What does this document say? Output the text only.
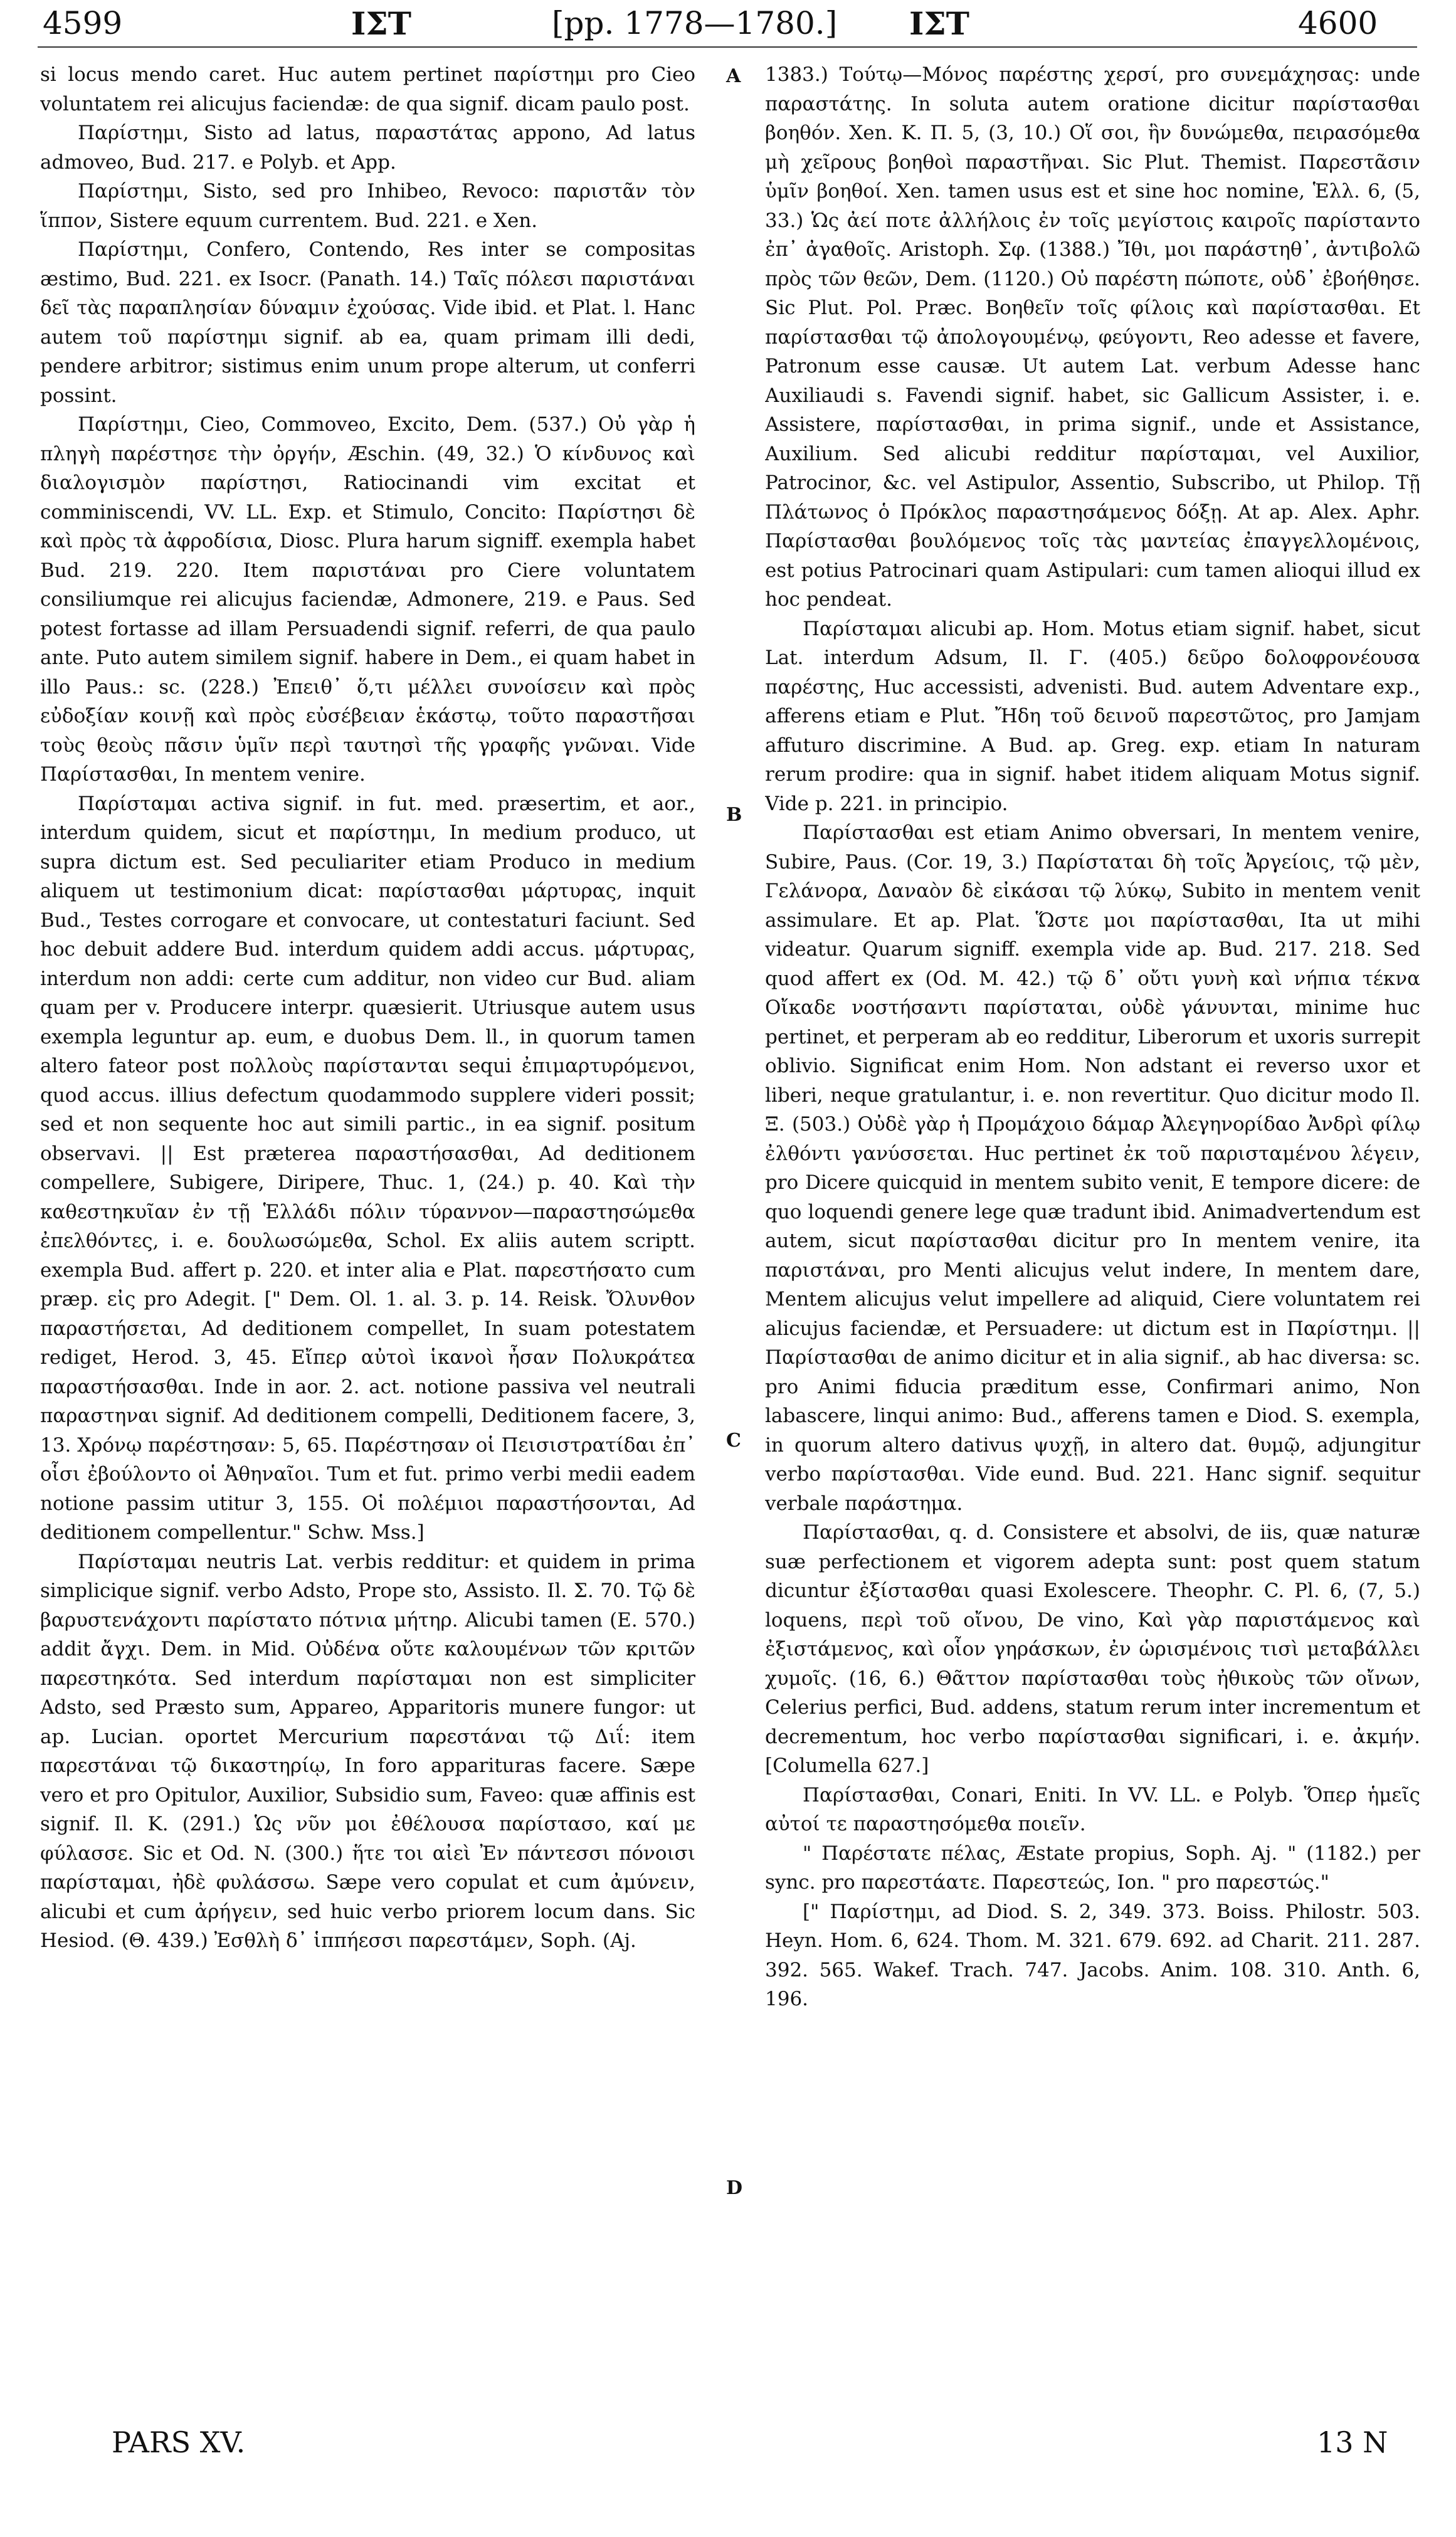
4599	ΙΣΤ	[pp. 1778—1780.] ΙΣΤ	4600

si locus mendo caret. Huc autem pertinet παρίστημι pro Cieo voluntatem rei alicujus faciendæ: de qua signif. dicam paulo post.

Παρίστημι, Sisto ad latus, παραστάτας appono, Ad latus admoveo, Bud. 217. e Polyb. et App.

Παρίστημι, Sisto, sed pro Inhibeo, Revoco: παριστᾶν τὸν ἵππον, Sistere equum currentem. Bud. 221. e Xen.

Παρίστημι, Confero, Contendo, Res inter se compositas æstimo, Bud. 221. ex Isocr. (Panath. 14.) Ταῖς πόλεσι παριστάναι δεῖ τὰς παραπλησίαν δύναμιν ἐχούσας. Vide ibid. et Plat. l. Hanc autem τοῦ παρίστημι signif. ab ea, quam primam illi dedi, pendere arbitror; sistimus enim unum prope alterum, ut conferri possint.

Παρίστημι, Cieo, Commoveo, Excito, Dem. (537.) Οὐ γὰρ ἡ πληγὴ παρέστησε τὴν ὀργήν, Æschin. (49, 32.) Ὁ κίνδυνος καὶ διαλογισμὸν παρίστησι, Ratiocinandi vim excitat et comminiscendi, VV. LL. Exp. et Stimulo, Concito: Παρίστησι δὲ καὶ πρὸς τὰ ἀφροδίσια, Diosc. Plura harum signiff. exempla habet Bud. 219. 220. Item παριστάναι pro Ciere voluntatem consiliumque rei alicujus faciendæ, Admonere, 219. e Paus. Sed potest fortasse ad illam Persuadendi signif. referri, de qua paulo ante. Puto autem similem signif. habere in Dem., ei quam habet in illo Paus.: sc. (228.) Ἐπειθ᾽ ὅ,τι μέλλει συνοίσειν καὶ πρὸς εὐδοξίαν κοινῇ καὶ πρὸς εὐσέβειαν ἑκάστῳ, τοῦτο παραστῆσαι τοὺς θεοὺς πᾶσιν ὑμῖν περὶ ταυτησὶ τῆς γραφῆς γνῶναι. Vide Παρίστασθαι, In mentem venire.

Παρίσταμαι activa signif. in fut. med. præsertim, et aor., interdum quidem, sicut et παρίστημι, In medium produco, ut supra dictum est. Sed peculiariter etiam Produco in medium aliquem ut testimonium dicat: παρίστασθαι μάρτυρας, inquit Bud., Testes corrogare et convocare, ut contestaturi faciunt. Sed hoc debuit addere Bud. interdum quidem addi accus. μάρτυρας, interdum non addi: certe cum additur, non video cur Bud. aliam quam per v. Producere interpr. quæsierit. Utriusque autem usus exempla leguntur ap. eum, e duobus Dem. ll., in quorum tamen altero fateor post πολλοὺς παρίστανται sequi ἐπιμαρτυρόμενοι, quod accus. illius defectum quodammodo supplere videri possit; sed et non sequente hoc aut simili partic., in ea signif. positum observavi. || Est præterea παραστήσασθαι, Ad deditionem compellere, Subigere, Diripere, Thuc. 1, (24.) p. 40. Καὶ τὴν καθεστηκυῖαν ἐν τῇ Ἑλλάδι πόλιν τύραννον—παραστησώμεθα ἐπελθόντες, i. e. δουλωσώμεθα, Schol. Ex aliis autem scriptt. exempla Bud. affert p. 220. et inter alia e Plat. παρεστήσατο cum præp. εἰς pro Adegit. [" Dem. Ol. 1. al. 3. p. 14. Reisk. Ὄλυνθον παραστήσεται, Ad deditionem compellet, In suam potestatem rediget, Herod. 3, 45. Εἴπερ αὐτοὶ ἱκανοὶ ἦσαν Πολυκράτεα παραστήσασθαι. Inde in aor. 2. act. notione passiva vel neutrali παραστηναι signif. Ad deditionem compelli, Deditionem facere, 3, 13. Χρόνῳ παρέστησαν: 5, 65. Παρέστησαν οἱ Πεισιστρατίδαι ἐπ᾽ οἷσι ἐβούλοντο οἱ Ἀθηναῖοι. Tum et fut. primo verbi medii eadem notione passim utitur 3, 155. Οἱ πολέμιοι παραστήσονται, Ad deditionem compellentur." Schw. Mss.]

Παρίσταμαι neutris Lat. verbis redditur: et quidem in prima simplicique signif. verbo Adsto, Prope sto, Assisto. Il. Σ. 70. Τῷ δὲ βαρυστενάχοντι παρίστατο πότνια μήτηρ. Alicubi tamen (E. 570.) addit ἄγχι. Dem. in Mid. Οὐδένα οὔτε καλουμένων τῶν κριτῶν παρεστηκότα. Sed interdum παρίσταμαι non est simpliciter Adsto, sed Præsto sum, Appareo, Apparitoris munere fungor: ut ap. Lucian. oportet Mercurium παρεστάναι τῷ Διΐ: item παρεστάναι τῷ δικαστηρίῳ, In foro apparituras facere. Sæpe vero et pro Opitulor, Auxilior, Subsidio sum, Faveo: quæ affinis est signif. Il. K. (291.) Ὡς νῦν μοι ἐθέλουσα παρίστασο, καί με φύλασσε. Sic et Od. N. (300.) ἥτε τοι αἰεὶ Ἐν πάντεσσι πόνοισι παρίσταμαι, ἠδὲ φυλάσσω. Sæpe vero copulat et cum ἀμύνειν, alicubi et cum ἀρήγειν, sed huic verbo priorem locum dans. Sic Hesiod. (Θ. 439.) Ἐσθλὴ δ᾽ ἱππήεσσι παρεστάμεν, Soph. (Aj.

A
B
C
D

1383.) Τούτῳ—Μόνος παρέστης χερσί, pro συνεμάχησας: unde παραστάτης. In soluta autem oratione dicitur παρίστασθαι βοηθόν. Xen. K. Π. 5, (3, 10.) Οἵ σοι, ἣν δυνώμεθα, πειρασόμεθα μὴ χεῖρους βοηθοὶ παραστῆναι. Sic Plut. Themist. Παρεστᾶσιν ὑμῖν βοηθοί. Xen. tamen usus est et sine hoc nomine, Ἑλλ. 6, (5, 33.) Ὡς ἀεί ποτε ἀλλήλοις ἐν τοῖς μεγίστοις καιροῖς παρίσταντο ἐπ᾽ ἀγαθοῖς. Aristoph. Σφ. (1388.) Ἴθι, μοι παράστηθ᾽, ἀντιβολῶ πρὸς τῶν θεῶν, Dem. (1120.) Οὐ παρέστη πώποτε, οὐδ᾽ ἐβοήθησε. Sic Plut. Pol. Præc. Βοηθεῖν τοῖς φίλοις καὶ παρίστασθαι. Et παρίστασθαι τῷ ἀπολογουμένῳ, φεύγοντι, Reo adesse et favere, Patronum esse causæ. Ut autem Lat. verbum Adesse hanc Auxiliaudi s. Favendi signif. habet, sic Gallicum Assister, i. e. Assistere, παρίστασθαι, in prima signif., unde et Assistance, Auxilium. Sed alicubi redditur παρίσταμαι, vel Auxilior, Patrocinor, &c. vel Astipulor, Assentio, Subscribo, ut Philop. Τῇ Πλάτωνος ὁ Πρόκλος παραστησάμενος δόξῃ. At ap. Alex. Aphr. Παρίστασθαι βουλόμενος τοῖς τὰς μαντείας ἐπαγγελλομένοις, est potius Patrocinari quam Astipulari: cum tamen alioqui illud ex hoc pendeat.

Παρίσταμαι alicubi ap. Hom. Motus etiam signif. habet, sicut Lat. interdum Adsum, Il. Γ. (405.) δεῦρο δολοφρονέουσα παρέστης, Huc accessisti, advenisti. Bud. autem Adventare exp., afferens etiam e Plut. Ἤδη τοῦ δεινοῦ παρεστῶτος, pro Jamjam affuturo discrimine. A Bud. ap. Greg. exp. etiam In naturam rerum prodire: qua in signif. habet itidem aliquam Motus signif. Vide p. 221. in principio.

Παρίστασθαι est etiam Animo obversari, In mentem venire, Subire, Paus. (Cor. 19, 3.) Παρίσταται δὴ τοῖς Ἀργείοις, τῷ μὲν, Γελάνορα, Δαναὸν δὲ εἰκάσαι τῷ λύκῳ, Subito in mentem venit assimulare. Et ap. Plat. Ὥστε μοι παρίστασθαι, Ita ut mihi videatur. Quarum signiff. exempla vide ap. Bud. 217. 218. Sed quod affert ex (Od. M. 42.) τῷ δ᾽ οὔτι γυνὴ καὶ νήπια τέκνα Οἴκαδε νοστήσαντι παρίσταται, οὐδὲ γάνυνται, minime huc pertinet, et perperam ab eo redditur, Liberorum et uxoris surrepit oblivio. Significat enim Hom. Non adstant ei reverso uxor et liberi, neque gratulantur, i. e. non revertitur. Quo dicitur modo Il. Ξ. (503.) Οὐδὲ γὰρ ἡ Προμάχοιο δάμαρ Ἀλεγηνορίδαο Ἀνδρὶ φίλῳ ἐλθόντι γανύσσεται. Huc pertinet ἐκ τοῦ παρισταμένου λέγειν, pro Dicere quicquid in mentem subito venit, E tempore dicere: de quo loquendi genere lege quæ tradunt ibid. Animadvertendum est autem, sicut παρίστασθαι dicitur pro In mentem venire, ita παριστάναι, pro Menti alicujus velut indere, In mentem dare, Mentem alicujus velut impellere ad aliquid, Ciere voluntatem rei alicujus faciendæ, et Persuadere: ut dictum est in Παρίστημι. || Παρίστασθαι de animo dicitur et in alia signif., ab hac diversa: sc. pro Animi fiducia præditum esse, Confirmari animo, Non labascere, linqui animo: Bud., afferens tamen e Diod. S. exempla, in quorum altero dativus ψυχῇ, in altero dat. θυμῷ, adjungitur verbo παρίστασθαι. Vide eund. Bud. 221. Hanc signif. sequitur verbale παράστημα.

Παρίστασθαι, q. d. Consistere et absolvi, de iis, quæ naturæ suæ perfectionem et vigorem adepta sunt: post quem statum dicuntur ἐξίστασθαι quasi Exolescere. Theophr. C. Pl. 6, (7, 5.) loquens, περὶ τοῦ οἴνου, De vino, Καὶ γὰρ παριστάμενος καὶ ἐξιστάμενος, καὶ οἷον γηράσκων, ἐν ὡρισμένοις τισὶ μεταβάλλει χυμοῖς. (16, 6.) Θᾶττον παρίστασθαι τοὺς ἠθικοὺς τῶν οἴνων, Celerius perfici, Bud. addens, statum rerum inter incrementum et decrementum, hoc verbo παρίστασθαι significari, i. e. ἀκμήν. [Columella 627.]

Παρίστασθαι, Conari, Eniti. In VV. LL. e Polyb. Ὅπερ ἡμεῖς αὐτοί τε παραστησόμεθα ποιεῖν.

" Παρέστατε πέλας, Æstate propius, Soph. Aj. " (1182.) per sync. pro παρεστάατε. Παρεστεώς, Ion. " pro παρεστώς."

[" Παρίστημι, ad Diod. S. 2, 349. 373. Boiss. Philostr. 503. Heyn. Hom. 6, 624. Thom. M. 321. 679. 692. ad Charit. 211. 287. 392. 565. Wakef. Trach. 747. Jacobs. Anim. 108. 310. Anth. 6, 196.

PARS XV.	13 N
